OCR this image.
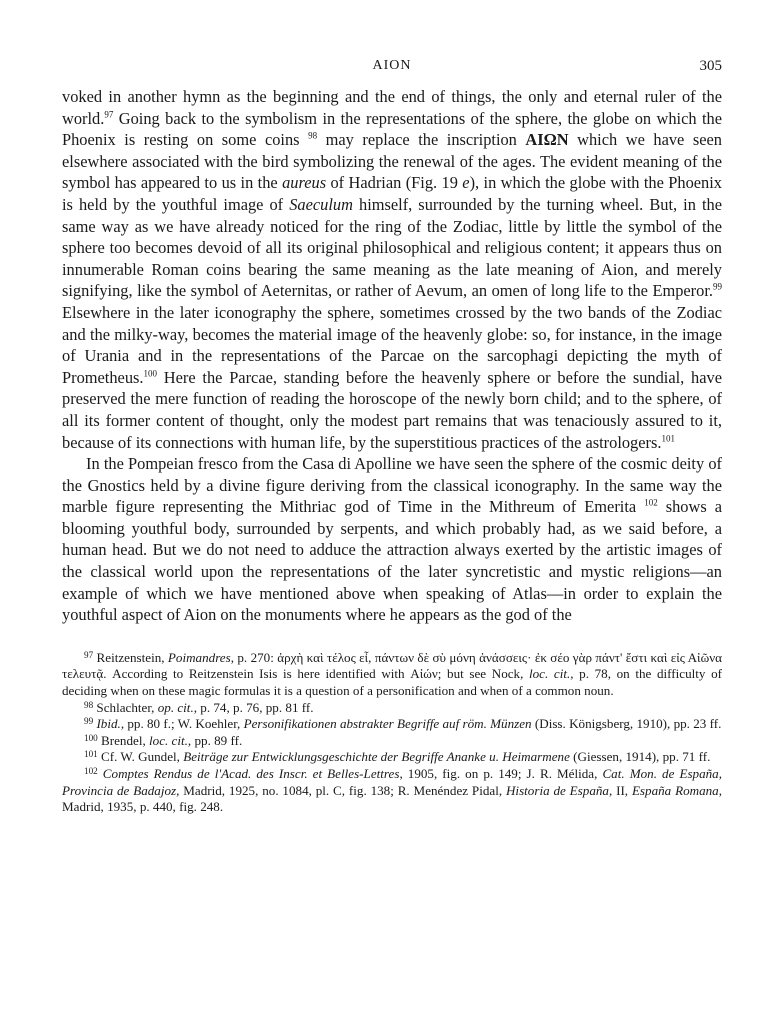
AION	305

voked in another hymn as the beginning and the end of things, the only and eternal ruler of the world.$^{97}$ Going back to the symbolism in the representations of the sphere, the globe on which the Phoenix is resting on some coins $^{98}$ may replace the inscription ΑΙΩΝ which we have seen elsewhere associated with the bird symbolizing the renewal of the ages. The evident meaning of the symbol has appeared to us in the aureus of Hadrian (Fig. 19 e), in which the globe with the Phoenix is held by the youthful image of Saeculum himself, surrounded by the turning wheel. But, in the same way as we have already noticed for the ring of the Zodiac, little by little the symbol of the sphere too becomes devoid of all its original philosophical and religious content; it appears thus on innumerable Roman coins bearing the same meaning as the late meaning of Aion, and merely signifying, like the symbol of Aeternitas, or rather of Aevum, an omen of long life to the Emperor.$^{99}$ Elsewhere in the later iconography the sphere, sometimes crossed by the two bands of the Zodiac and the milky-way, becomes the material image of the heavenly globe: so, for instance, in the image of Urania and in the representations of the Parcae on the sarcophagi depicting the myth of Prometheus.$^{100}$ Here the Parcae, standing before the heavenly sphere or before the sundial, have preserved the mere function of reading the horoscope of the newly born child; and to the sphere, of all its former content of thought, only the modest part remains that was tenaciously assured to it, because of its connections with human life, by the superstitious practices of the astrologers.$^{101}$

In the Pompeian fresco from the Casa di Apolline we have seen the sphere of the cosmic deity of the Gnostics held by a divine figure deriving from the classical iconography. In the same way the marble figure representing the Mithriac god of Time in the Mithreum of Emerita $^{102}$ shows a blooming youthful body, surrounded by serpents, and which probably had, as we said before, a human head. But we do not need to adduce the attraction always exerted by the artistic images of the classical world upon the representations of the later syncretistic and mystic religions—an example of which we have mentioned above when speaking of Atlas—in order to explain the youthful aspect of Aion on the monuments where he appears as the god of the

$^{97}$ Reitzenstein, Poimandres, p. 270: ἀρχὴ καὶ τέλος εἶ, πάντων δὲ σὺ μόνη ἀνάσσεις· ἐκ σέο γὰρ πάντ' ἔστι καὶ εἰς Αἰῶνα τελευτᾷ. According to Reitzenstein Isis is here identified with Αἰών; but see Nock, loc. cit., p. 78, on the difficulty of deciding when on these magic formulas it is a question of a personification and when of a common noun.

$^{98}$ Schlachter, op. cit., p. 74, p. 76, pp. 81 ff.

$^{99}$ Ibid., pp. 80 f.; W. Koehler, Personifikationen abstrakter Begriffe auf röm. Münzen (Diss. Königsberg, 1910), pp. 23 ff.

$^{100}$ Brendel, loc. cit., pp. 89 ff.

$^{101}$ Cf. W. Gundel, Beiträge zur Entwicklungsgeschichte der Begriffe Ananke u. Heimarmene (Giessen, 1914), pp. 71 ff.

$^{102}$ Comptes Rendus de l'Acad. des Inscr. et Belles-Lettres, 1905, fig. on p. 149; J. R. Mélida, Cat. Mon. de España, Provincia de Badajoz, Madrid, 1925, no. 1084, pl. C, fig. 138; R. Menéndez Pidal, Historia de España, II, España Romana, Madrid, 1935, p. 440, fig. 248.
